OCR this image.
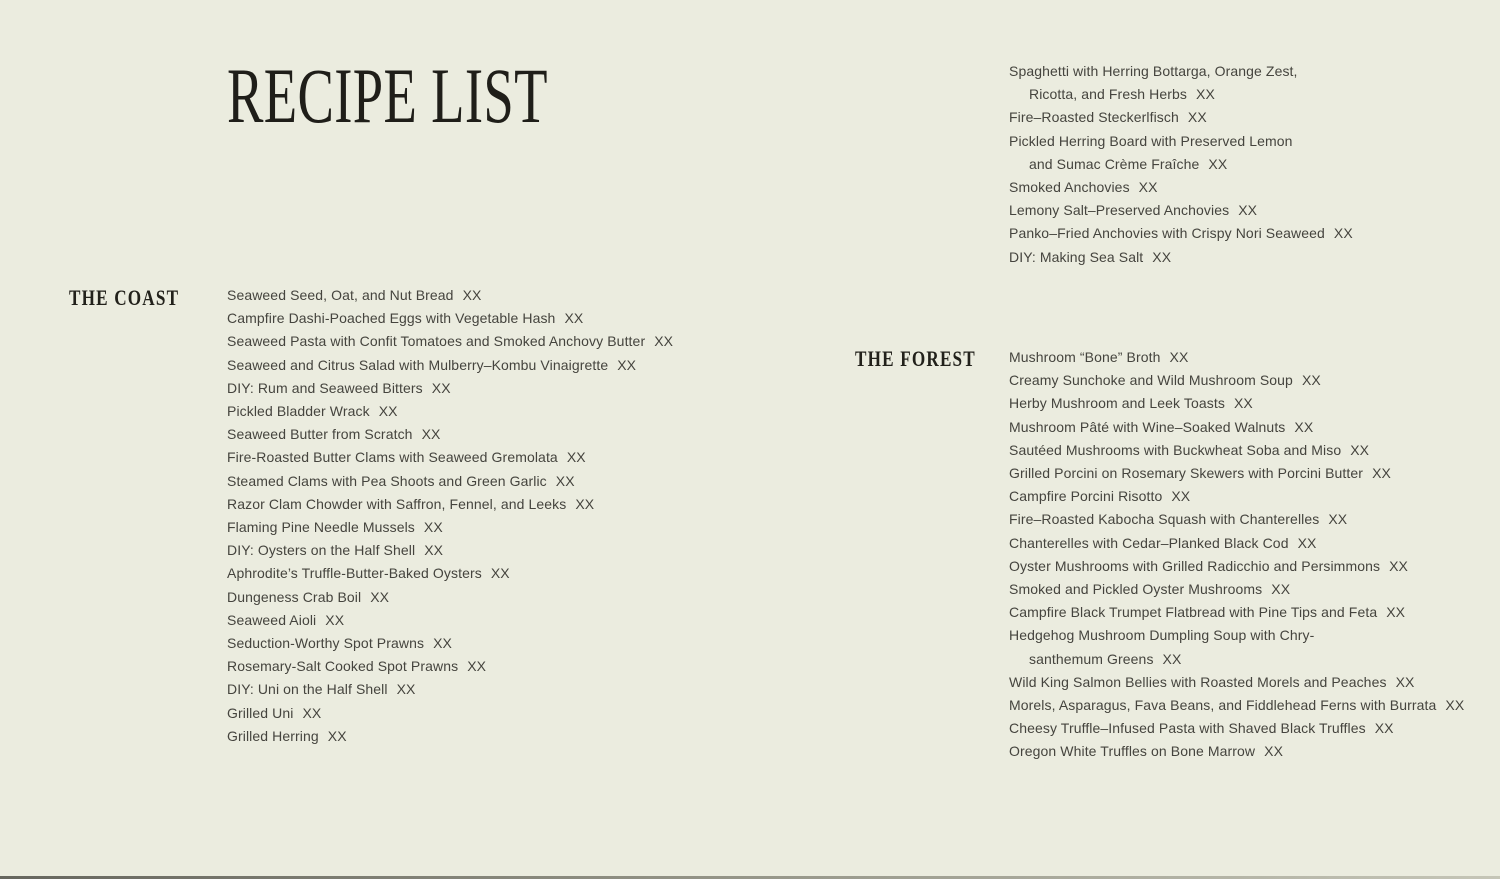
RECIPE LIST	Spaghetti with Herring Bottarga, Orange Zest,
Ricotta, and Fresh Herbs XX
Fire–Roasted Steckerlfisch XX
Pickled Herring Board with Preserved Lemon
and Sumac Crème Fraîche XX
Smoked Anchovies XX
Lemony Salt–Preserved Anchovies XX
Panko–Fried Anchovies with Crispy Nori Seaweed XX
DIY: Making Sea Salt XX
THE COAST	Seaweed Seed, Oat, and Nut Bread XX
Campfire Dashi-Poached Eggs with Vegetable Hash XX
Seaweed Pasta with Confit Tomatoes and Smoked Anchovy Butter XX
Seaweed and Citrus Salad with Mulberry–Kombu Vinaigrette XX
DIY: Rum and Seaweed Bitters XX
Pickled Bladder Wrack XX
Seaweed Butter from Scratch XX
Fire-Roasted Butter Clams with Seaweed Gremolata XX
Steamed Clams with Pea Shoots and Green Garlic XX
Razor Clam Chowder with Saffron, Fennel, and Leeks XX
Flaming Pine Needle Mussels XX
DIY: Oysters on the Half Shell XX
Aphrodite’s Truffle-Butter-Baked Oysters XX
Dungeness Crab Boil XX
Seaweed Aioli XX
Seduction-Worthy Spot Prawns XX
Rosemary-Salt Cooked Spot Prawns XX
DIY: Uni on the Half Shell XX
Grilled Uni XX
Grilled Herring XX
THE FOREST Mushroom “Bone” Broth XX
Creamy Sunchoke and Wild Mushroom Soup XX
Herby Mushroom and Leek Toasts XX
Mushroom Pâté with Wine–Soaked Walnuts XX
Sautéed Mushrooms with Buckwheat Soba and Miso XX
Grilled Porcini on Rosemary Skewers with Porcini Butter XX
Campfire Porcini Risotto XX
Fire–Roasted Kabocha Squash with Chanterelles XX
Chanterelles with Cedar–Planked Black Cod XX
Oyster Mushrooms with Grilled Radicchio and Persimmons XX
Smoked and Pickled Oyster Mushrooms XX
Campfire Black Trumpet Flatbread with Pine Tips and Feta XX
Hedgehog Mushroom Dumpling Soup with Chry-
santhemum Greens XX
Wild King Salmon Bellies with Roasted Morels and Peaches XX
Morels, Asparagus, Fava Beans, and Fiddlehead Ferns with Burrata XX
Cheesy Truffle–Infused Pasta with Shaved Black Truffles XX
Oregon White Truffles on Bone Marrow XX
